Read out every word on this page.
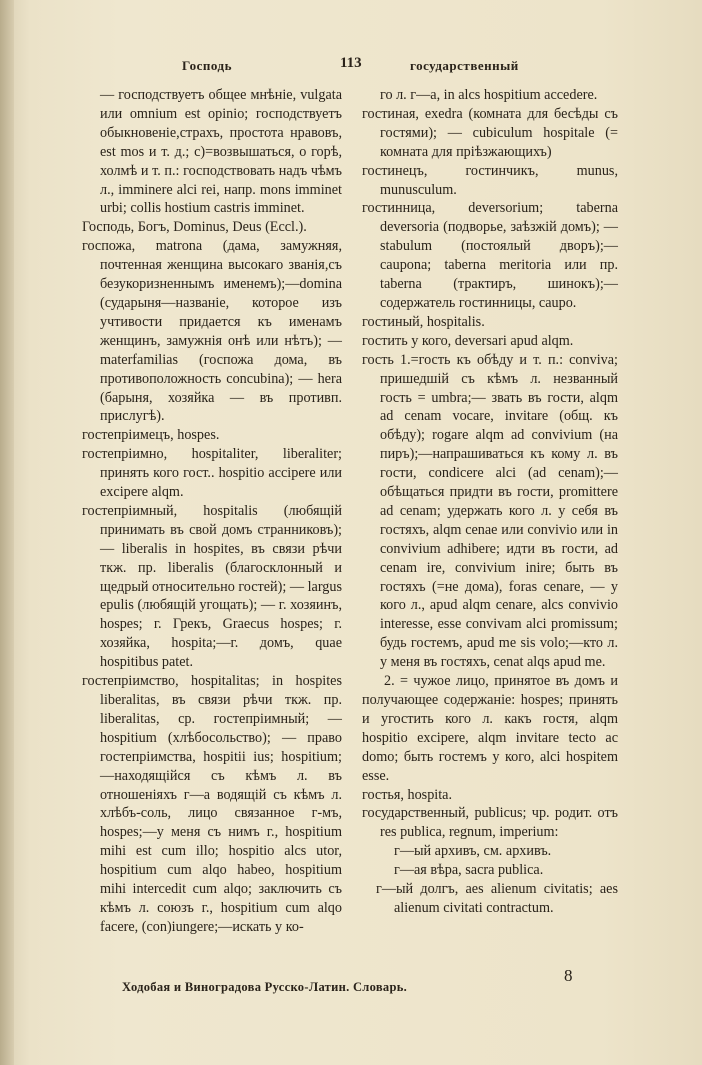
Господь	113	государственный

— господствуетъ общее мнѣніе, vulgata или omnium est opinio; господствуетъ обыкновеніе,страхъ, простота нравовъ, est mos и т. д.; с)=возвышаться, о горѣ, холмѣ и т. п.: господствовать надъ чѣмъ л., imminere alci rei, напр. mons imminet urbi; collis hostium castris imminet.

Господь, Богъ, Dominus, Deus (Eccl.).

госпожа, matrona (дама, замужняя, почтенная женщина высокаго званія,съ безукоризненнымъ именемъ);—domina (сударыня—названіе, которое изъ учтивости придается къ именамъ женщинъ, замужнія онѣ или нѣтъ); — materfamilias (госпожа дома, въ противоположность concubina); — hera (барыня, хозяйка — въ противп. прислугѣ).

гостепріимецъ, hospes.

гостепріимно, hospitaliter, liberaliter; принять кого гост.. hospitio accipere или excipere alqm.

гостепріимный, hospitalis (любящій принимать въ свой домъ странниковъ); — liberalis in hospites, въ связи рѣчи ткж. пр. liberalis (благосклонный и щедрый относительно гостей); — largus epulis (любящій угощать); — г. хозяинъ, hospes; г. Грекъ, Graecus hospes; г. хозяйка, hospita;—г. домъ, quae hospitibus patet.

гостепріимство, hospitalitas; in hospites liberalitas, въ связи рѣчи ткж. пр. liberalitas, ср. гостепріимный; — hospitium (хлѣбосольство); — право гостепріимства, hospitii ius; hospitium;—находящійся съ кѣмъ л. въ отношеніяхъ г—а водящій съ кѣмъ л. хлѣбъ-соль, лицо связанное г-мъ, hospes;—у меня съ нимъ г., hospitium mihi est cum illo; hospitio alcs utor, hospitium cum alqo habeo, hospitium mihi intercedit cum alqo; заключить съ кѣмъ л. союзъ г., hospitium cum alqo facere, (con)iungere;—искать у ко-

го л. г—а, in alcs hospitium accedere.

гостиная, exedra (комната для бесѣды съ гостями); — cubiculum hospitale (= комната для пріѣзжающихъ)

гостинецъ, гостинчикъ, munus, munusculum.

гостинница, deversorium; taberna deversoria (подворье, заѣзжій домъ); — stabulum (постоялый дворъ);—caupona; taberna meritoria или пр. taberna (трактиръ, шинокъ);—содержатель гостинницы, caupo.

гостиный, hospitalis.

гостить у кого, deversari apud alqm.

гость 1.=гость къ обѣду и т. п.: conviva; пришедшій съ кѣмъ л. незванный гость = umbra;— звать въ гости, alqm ad cenam vocare, invitare (общ. къ обѣду); rogare alqm ad convivium (на пиръ);—напрашиваться къ кому л. въ гости, condicere alci (ad cenam);—обѣщаться придти въ гости, promittere ad cenam; удержать кого л. у себя въ гостяхъ, alqm cenae или convivio или in convivium adhibere; идти въ гости, ad cenam ire, convivium inire; быть въ гостяхъ (=не дома), foras cenare, — у кого л., apud alqm cenare, alcs convivio interesse, esse convivam alci promissum; будь гостемъ, apud me sis volo;—кто л. у меня въ гостяхъ, cenat alqs apud me.

2. = чужое лицо, принятое въ домъ и получающее содержаніе: hospes; принять и угостить кого л. какъ гостя, alqm hospitio excipere, alqm invitare tecto ac domo; быть гостемъ у кого, alci hospitem esse.

гостья, hospita.

государственный, publicus; чр. родит. отъ res publica, regnum, imperium:

г—ый архивъ, см. архивъ.

г—ая вѣра, sacra publica.

г—ый долгъ, aes alienum civitatis; aes alienum civitati contractum.

8
Ходобая и Виноградова Русско-Латин. Словарь.
